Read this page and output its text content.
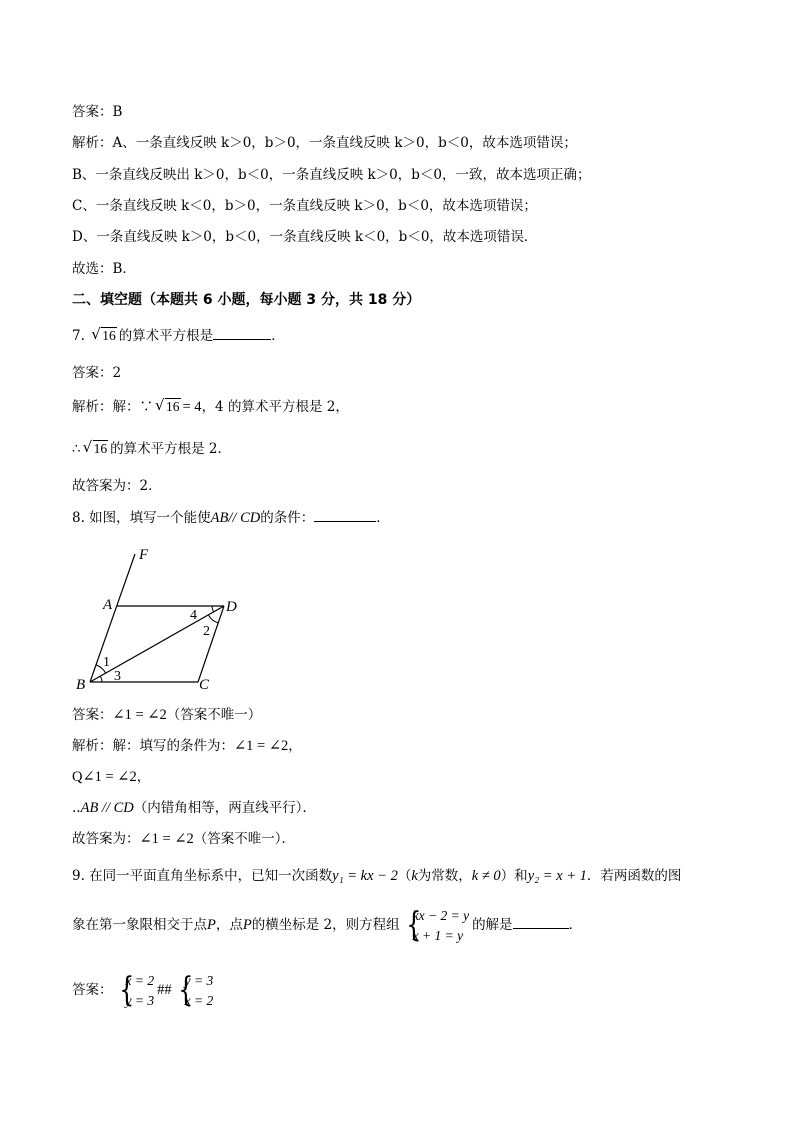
答案：B
解析：A、一条直线反映 k＞0，b＞0，一条直线反映 k＞0，b＜0，故本选项错误；
B、一条直线反映出 k＞0，b＜0，一条直线反映 k＞0，b＜0，一致，故本选项正确；
C、一条直线反映 k＜0，b＞0，一条直线反映 k＞0，b＜0，故本选项错误；
D、一条直线反映 k＞0，b＜0，一条直线反映 k＜0，b＜0，故本选项错误．
故选：B．
二、填空题（本题共 6 小题，每小题 3 分，共 18 分）
7. √ 16 的算术平方根是	．
答案：2
解析：解：∵ √ 16 = 4，4 的算术平方根是 2，
∴ √ 16 的算术平方根是 2．
故答案为：2．
8. 如图，填写一个能使AB// CD的条件：	．
F
A	D
4
2
1
3
B	C
答案：∠1 = ∠2（答案不唯一）
解析：解：填写的条件为：∠1 = ∠2，
Q∠1 = ∠2，
..AB // CD（内错角相等，两直线平行）．
故答案为：∠1 = ∠2（答案不唯一）．
9. 在同一平面直角坐标系中，已知一次函数y₁ = kx − 2（k为常数，k ≠ 0）和y₂ = x + 1．若两函数的图
象在第一象限相交于点P，点P的横坐标是 2，则方程组 {
kx − 2 = y
x + 1 = y
的解是	．
答案： {
x = 2
y = 3
## {
y = 3
x = 2
